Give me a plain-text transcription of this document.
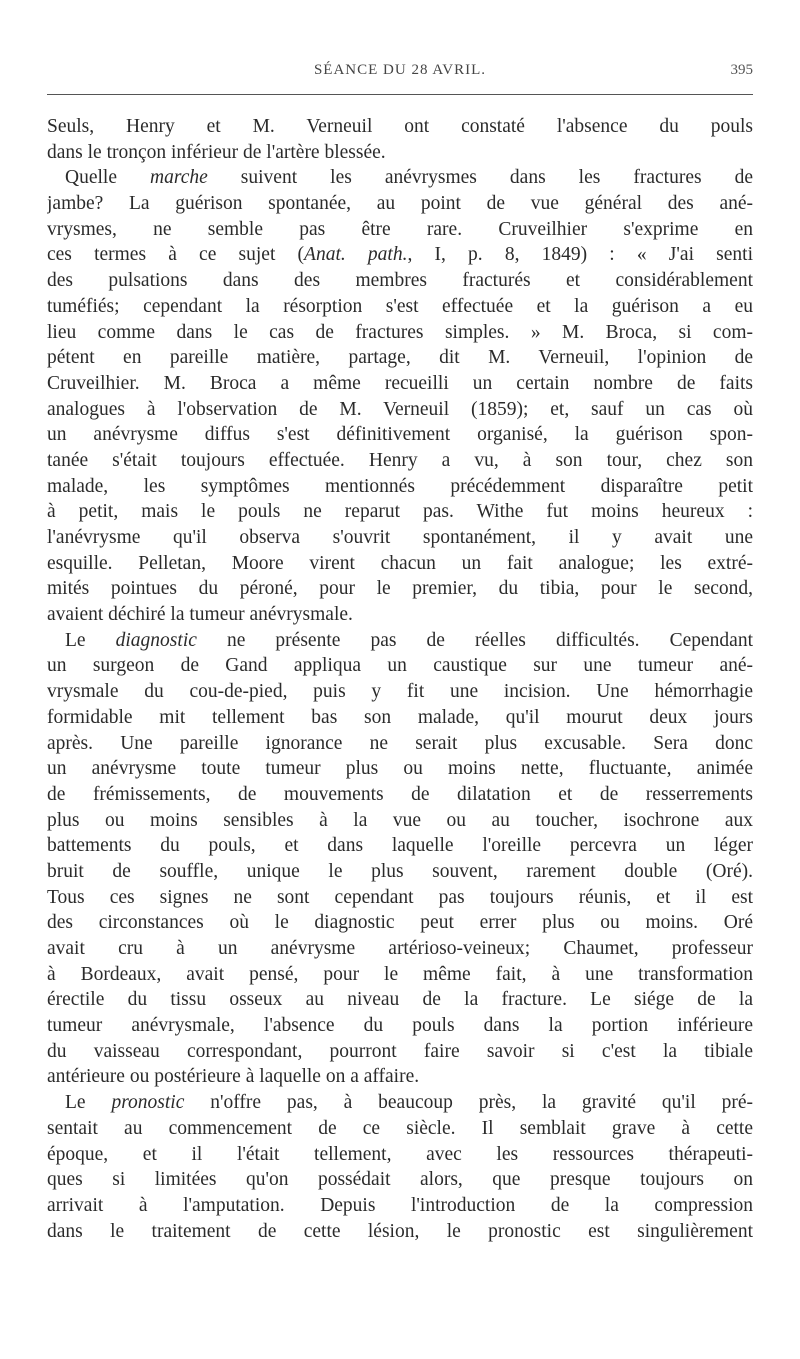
SÉANCE DU 28 AVRIL.	395
Seuls, Henry et M. Verneuil ont constaté l'absence du pouls
dans le tronçon inférieur de l'artère blessée.
Quelle marche suivent les anévrysmes dans les fractures de
jambe? La guérison spontanée, au point de vue général des ané-
vrysmes, ne semble pas être rare. Cruveilhier s'exprime en
ces termes à ce sujet (Anat. path., I, p. 8, 1849) : « J'ai senti
des pulsations dans des membres fracturés et considérablement
tuméfiés; cependant la résorption s'est effectuée et la guérison a eu
lieu comme dans le cas de fractures simples. » M. Broca, si com-
pétent en pareille matière, partage, dit M. Verneuil, l'opinion de
Cruveilhier. M. Broca a même recueilli un certain nombre de faits
analogues à l'observation de M. Verneuil (1859); et, sauf un cas où
un anévrysme diffus s'est définitivement organisé, la guérison spon-
tanée s'était toujours effectuée. Henry a vu, à son tour, chez son
malade, les symptômes mentionnés précédemment disparaître petit
à petit, mais le pouls ne reparut pas. Withe fut moins heureux :
l'anévrysme qu'il observa s'ouvrit spontanément, il y avait une
esquille. Pelletan, Moore virent chacun un fait analogue; les extré-
mités pointues du péroné, pour le premier, du tibia, pour le second,
avaient déchiré la tumeur anévrysmale.
Le diagnostic ne présente pas de réelles difficultés. Cependant
un surgeon de Gand appliqua un caustique sur une tumeur ané-
vrysmale du cou-de-pied, puis y fit une incision. Une hémorrhagie
formidable mit tellement bas son malade, qu'il mourut deux jours
après. Une pareille ignorance ne serait plus excusable. Sera donc
un anévrysme toute tumeur plus ou moins nette, fluctuante, animée
de frémissements, de mouvements de dilatation et de resserrements
plus ou moins sensibles à la vue ou au toucher, isochrone aux
battements du pouls, et dans laquelle l'oreille percevra un léger
bruit de souffle, unique le plus souvent, rarement double (Oré).
Tous ces signes ne sont cependant pas toujours réunis, et il est
des circonstances où le diagnostic peut errer plus ou moins. Oré
avait cru à un anévrysme artérioso-veineux; Chaumet, professeur
à Bordeaux, avait pensé, pour le même fait, à une transformation
érectile du tissu osseux au niveau de la fracture. Le siége de la
tumeur anévrysmale, l'absence du pouls dans la portion inférieure
du vaisseau correspondant, pourront faire savoir si c'est la tibiale
antérieure ou postérieure à laquelle on a affaire.
Le pronostic n'offre pas, à beaucoup près, la gravité qu'il pré-
sentait au commencement de ce siècle. Il semblait grave à cette
époque, et il l'était tellement, avec les ressources thérapeuti-
ques si limitées qu'on possédait alors, que presque toujours on
arrivait à l'amputation. Depuis l'introduction de la compression
dans le traitement de cette lésion, le pronostic est singulièrement
